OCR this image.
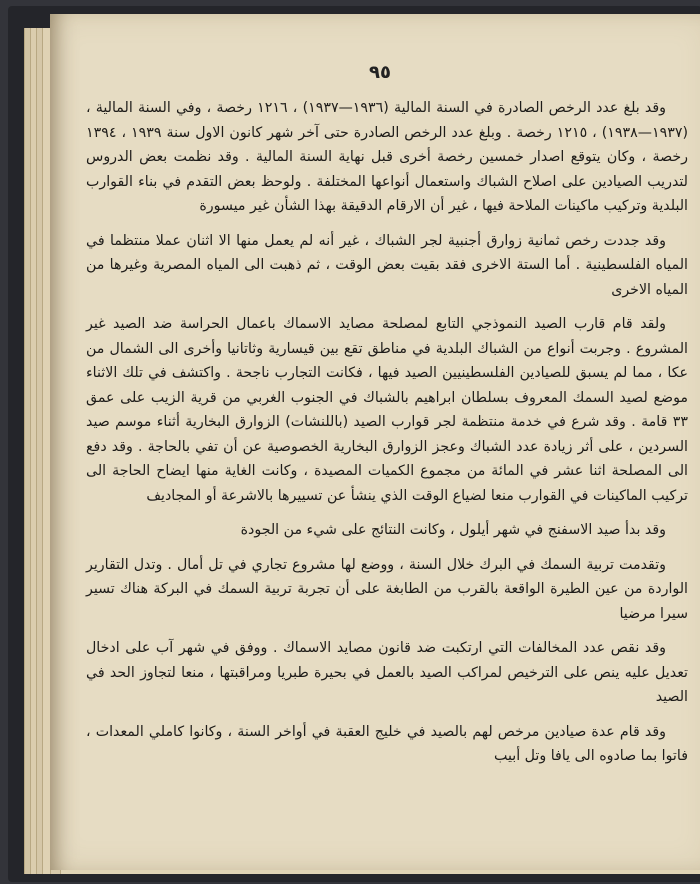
٩٥

وقد بلغ عدد الرخص الصادرة في السنة المالية (١٩٣٦—١٩٣٧) ، ١٢١٦ رخصة ، وفي السنة المالية ، (١٩٣٧—١٩٣٨) ، ١٢١٥ رخصة . وبلغ عدد الرخص الصادرة حتى آخر شهر كانون الاول سنة ١٩٣٩ ، ١٣٩٤ رخصة ، وكان يتوقع اصدار خمسين رخصة أخرى قبل نهاية السنة المالية . وقد نظمت بعض الدروس لتدريب الصيادين على اصلاح الشباك واستعمال أنواعها المختلفة . ولوحظ بعض التقدم في بناء القوارب البلدية وتركيب ماكينات الملاحة فيها ، غير أن الارقام الدقيقة بهذا الشأن غير ميسورة

وقد جددت رخص ثمانية زوارق أجنبية لجر الشباك ، غير أنه لم يعمل منها الا اثنان عملا منتظما في المياه الفلسطينية . أما الستة الاخرى فقد بقيت بعض الوقت ، ثم ذهبت الى المياه المصرية وغيرها من المياه الاخرى

ولقد قام قارب الصيد النموذجي التابع لمصلحة مصايد الاسماك باعمال الحراسة ضد الصيد غير المشروع . وجربت أنواع من الشباك البلدية في مناطق تقع بين قيسارية وثاتانيا وأخرى الى الشمال من عكا ، مما لم يسبق للصيادين الفلسطينيين الصيد فيها ، فكانت التجارب ناجحة . واكتشف في تلك الاثناء موضع لصيد السمك المعروف بسلطان ابراهيم بالشباك في الجنوب الغربي من قرية الزيب على عمق ٣٣ قامة . وقد شرع في خدمة منتظمة لجر قوارب الصيد (باللنشات) الزوارق البخارية أثناء موسم صيد السردين ، على أثر زيادة عدد الشباك وعجز الزوارق البخارية الخصوصية عن أن تفي بالحاجة . وقد دفع الى المصلحة اثنا عشر في المائة من مجموع الكميات المصيدة ، وكانت الغاية منها ايضاح الحاجة الى تركيب الماكينات في القوارب منعا لضياع الوقت الذي ينشأ عن تسييرها بالاشرعة أو المجاديف

وقد بدأ صيد الاسفنج في شهر أيلول ، وكانت النتائج على شيء من الجودة

وتقدمت تربية السمك في البرك خلال السنة ، ووضع لها مشروع تجاري في تل أمال . وتدل التقارير الواردة من عين الطيرة الواقعة بالقرب من الطابغة على أن تجربة تربية السمك في البركة هناك تسير سيرا مرضيا

وقد نقص عدد المخالفات التي ارتكبت ضد قانون مصايد الاسماك . ووفق في شهر آب على ادخال تعديل عليه ينص على الترخيص لمراكب الصيد بالعمل في بحيرة طبريا ومراقبتها ، منعا لتجاوز الحد في الصيد

وقد قام عدة صيادين مرخص لهم بالصيد في خليج العقبة في أواخر السنة ، وكانوا كاملي المعدات ، فاتوا بما صادوه الى يافا وتل أبيب
